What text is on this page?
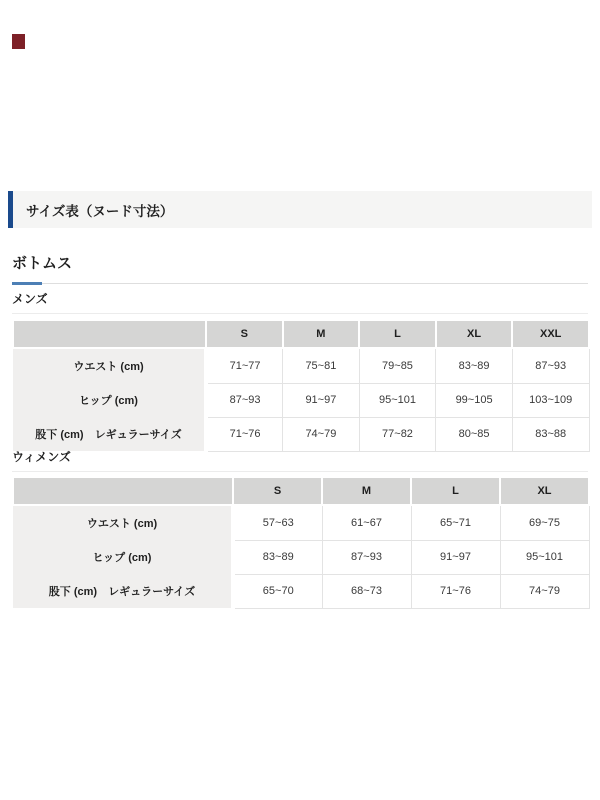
サイズ表（ヌード寸法）
ボトムス
メンズ
	S	M	L	XL	XXL
ウエスト (cm)	71~77	75~81	79~85	83~89	87~93
ヒップ (cm)	87~93	91~97	95~101	99~105	103~109
股下 (cm)　レギュラーサイズ	71~76	74~79	77~82	80~85	83~88
ウィメンズ
	S	M	L	XL
ウエスト (cm)	57~63	61~67	65~71	69~75
ヒップ (cm)	83~89	87~93	91~97	95~101
股下 (cm)　レギュラーサイズ	65~70	68~73	71~76	74~79
